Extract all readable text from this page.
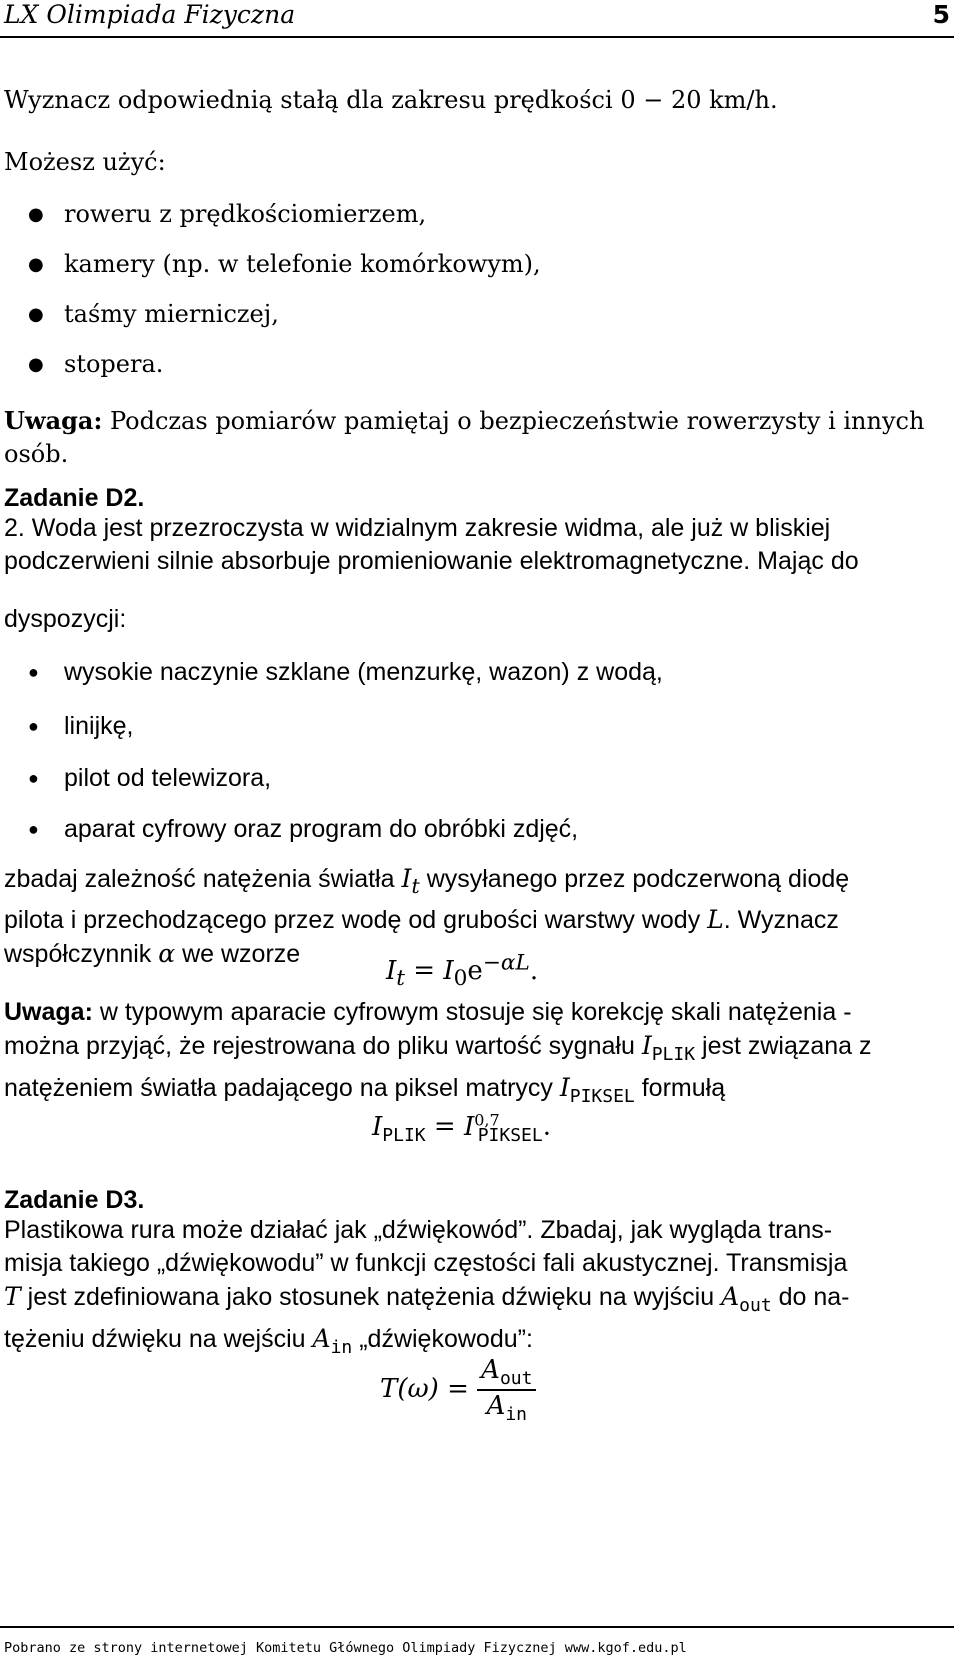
LX Olimpiada Fizyczna	5
Wyznacz odpowiednią stałą dla zakresu prędkości 0 − 20 km/h.
Możesz użyć:
● roweru z prędkościomierzem,
● kamery (np. w telefonie komórkowym),
● taśmy mierniczej,
● stopera.
Uwaga: Podczas pomiarów pamiętaj o bezpieczeństwie rowerzysty i innych
osób.
Zadanie D2.
2. Woda jest przezroczysta w widzialnym zakresie widma, ale już w bliskiej
podczerwieni silnie absorbuje promieniowanie elektromagnetyczne. Mając do
dyspozycji:
●	wysokie naczynie szklane (menzurkę, wazon) z wodą,
●	linijkę,
●	pilot od telewizora,
●	aparat cyfrowy oraz program do obróbki zdjęć,
zbadaj zależność natężenia światła $I_t$ wysyłanego przez podczerwoną diodę
pilota i przechodzącego przez wodę od grubości warstwy wody L. Wyznacz
współczynnik α we wzorze
$I_t = I_0e^{-\alpha L}$.
Uwaga: w typowym aparacie cyfrowym stosuje się korekcję skali natężenia -
można przyjąć, że rejestrowana do pliku wartość sygnału $I_{PLIK}$ jest związana z
natężeniem światła padającego na piksel matrycy $I_{PIKSEL}$ formułą
$I_{PLIK} = I^{0,7}_{PIKSEL}$.
Zadanie D3.
Plastikowa rura może działać jak „dźwiękowód”. Zbadaj, jak wygląda trans-
misja takiego „dźwiękowodu” w funkcji częstości fali akustycznej. Transmisja
T jest zdefiniowana jako stosunek natężenia dźwięku na wyjściu $A_{out}$ do na-
tężeniu dźwięku na wejściu $A_{in}$ „dźwiękowodu”:
$T(\omega) = \frac{A_{out}}{A_{in}}$
Pobrano ze strony internetowej Komitetu Głównego Olimpiady Fizycznej www.kgof.edu.pl
